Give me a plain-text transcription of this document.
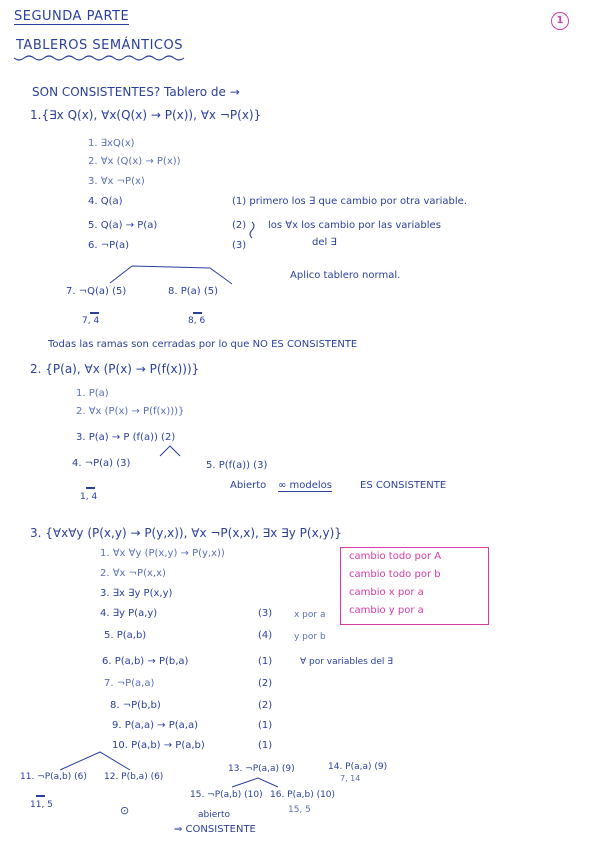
SEGUNDA PARTE
TABLEROS SEMÁNTICOS
1
SON CONSISTENTES? Tablero de →
1.{∃x Q(x), ∀x(Q(x) → P(x)), ∀x ¬P(x)}
1. ∃xQ(x)
2. ∀x (Q(x) → P(x))
3. ∀x ¬P(x)
4. Q(a)
5. Q(a) → P(a)
6. ¬P(a)
(1) primero los ∃ que cambio por otra variable.
(2)
(3)
los ∀x los cambio por las variables
del ∃
Aplico tablero normal.
7. ¬Q(a) (5)	8. P(a) (5)
7, 4	8, 6
Todas las ramas son cerradas por lo que NO ES CONSISTENTE
2. {P(a), ∀x (P(x) → P(f(x)))}
1. P(a)
2. ∀x (P(x) → P(f(x)))}
3. P(a) → P (f(a)) (2)
4. ¬P(a) (3)	5. P(f(a)) (3)
1, 4
Abierto ∞ modelos	ES CONSISTENTE
3. {∀x∀y (P(x,y) → P(y,x)), ∀x ¬P(x,x), ∃x ∃y P(x,y)}
1. ∀x ∀y (P(x,y) → P(y,x))
2. ∀x ¬P(x,x)
3. ∃x ∃y P(x,y)
4. ∃y P(a,y)
5. P(a,b)
6. P(a,b) → P(b,a)
7. ¬P(a,a)
8. ¬P(b,b)
9. P(a,a) → P(a,a)
10. P(a,b) → P(a,b)
(3)
(4)
(1)
(2)
(2)
(1)
(1)
x por a
y por b
∀ por variables del ∃
cambio todo por A
cambio todo por b
cambio x por a
cambio y por a
11. ¬P(a,b) (6) 12. P(b,a) (6)
11, 5
13. ¬P(a,a) (9)	14. P(a,a) (9)
7, 14
15. ¬P(a,b) (10) 16. P(a,b) (10)
15, 5
⊙	abierto
⇒ CONSISTENTE
